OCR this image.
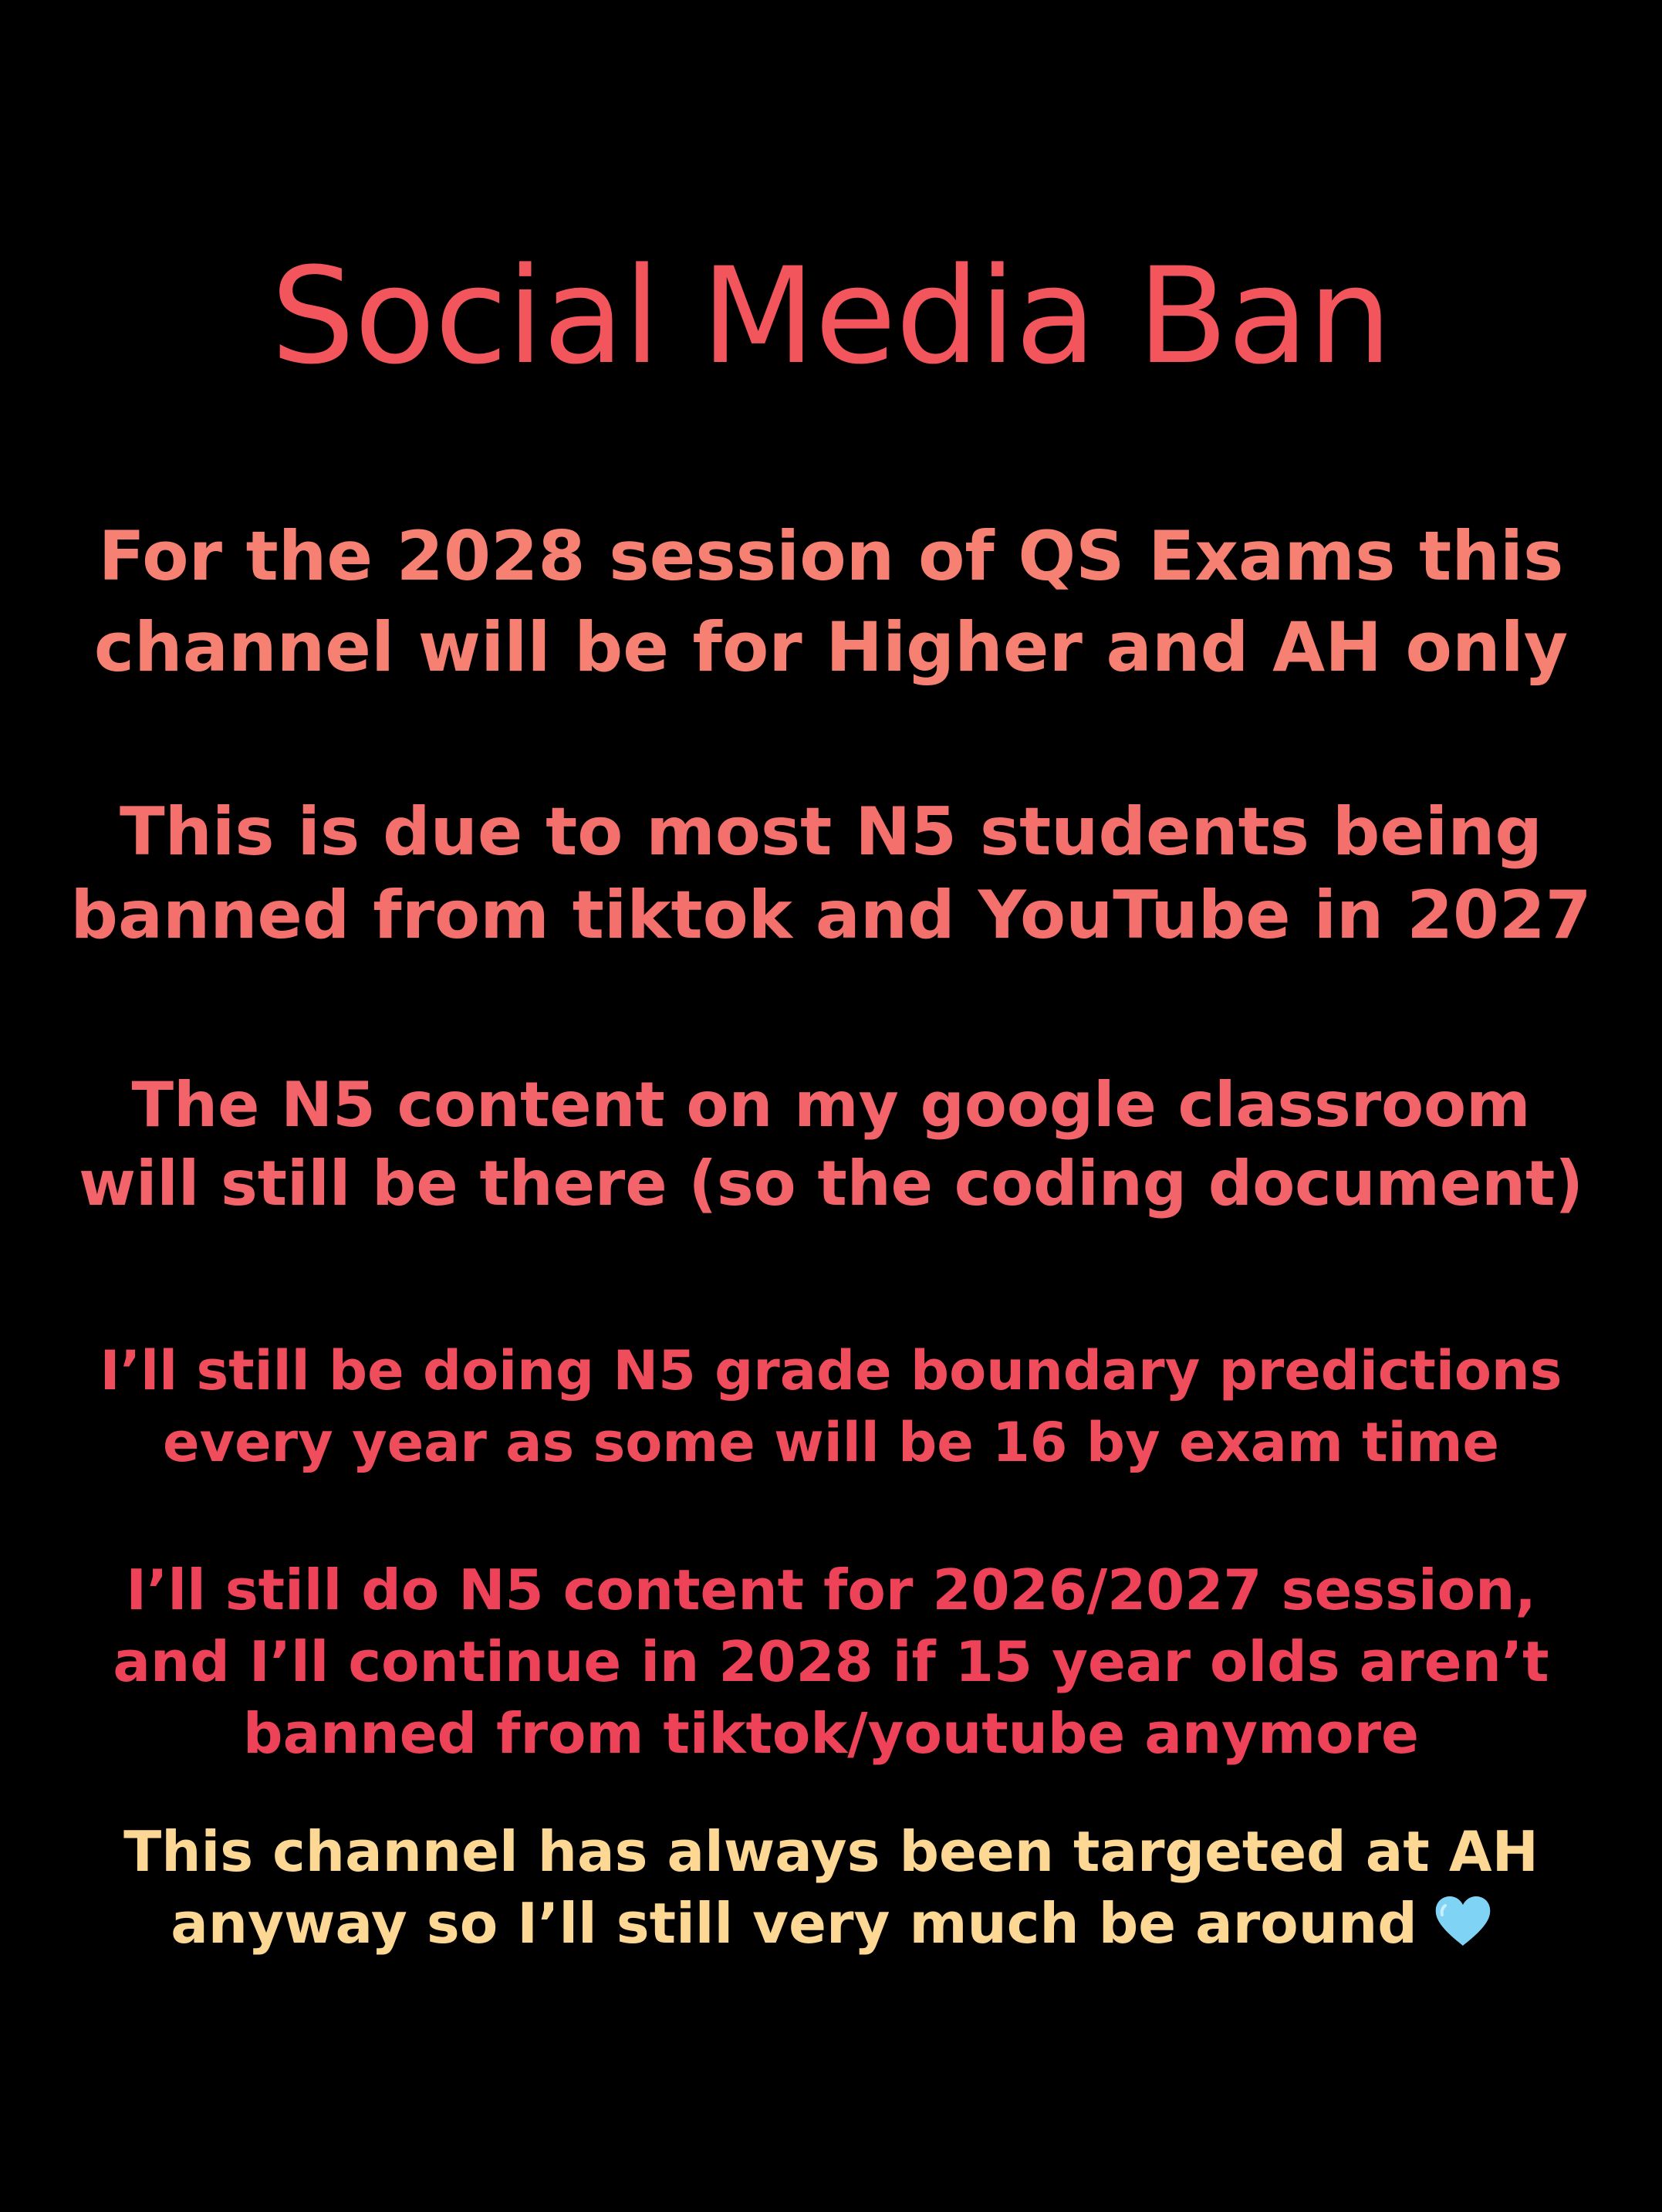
Social Media Ban
For the 2028 session of QS Exams this
channel will be for Higher and AH only
This is due to most N5 students being
banned from tiktok and YouTube in 2027
The N5 content on my google classroom
will still be there (so the coding document)
I’ll still be doing N5 grade boundary predictions
every year as some will be 16 by exam time
I’ll still do N5 content for 2026/2027 session,
and I’ll continue in 2028 if 15 year olds aren’t
banned from tiktok/youtube anymore
This channel has always been targeted at AH
anyway so I’ll still very much be around
